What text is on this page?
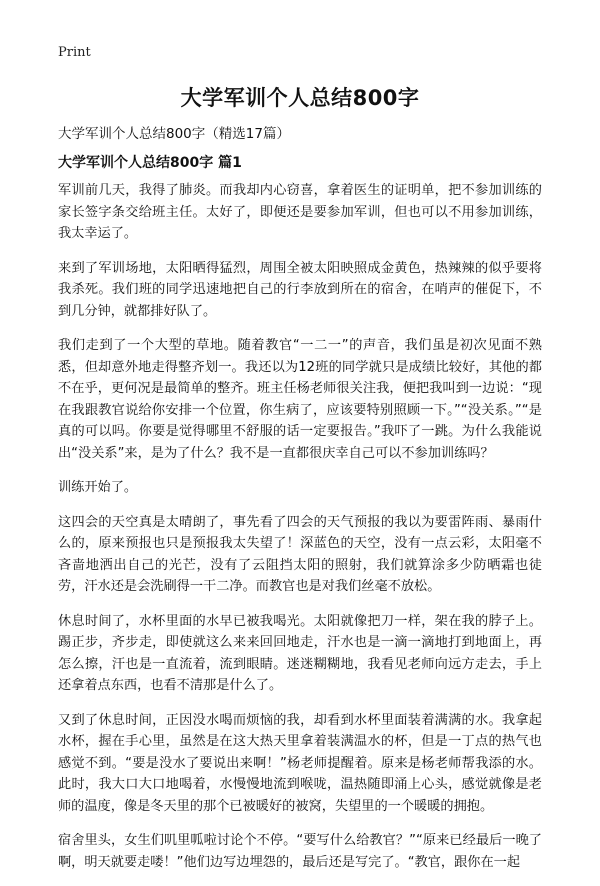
Print
大学军训个人总结800字
大学军训个人总结800字（精选17篇）
大学军训个人总结800字 篇1

军训前几天，我得了肺炎。而我却内心窃喜，拿着医生的证明单，把不参加训练的家长签字条交给班主任。太好了，即便还是要参加军训，但也可以不用参加训练，我太幸运了。

来到了军训场地，太阳晒得猛烈，周围全被太阳映照成金黄色，热辣辣的似乎要将我杀死。我们班的同学迅速地把自己的行李放到所在的宿舍，在哨声的催促下，不到几分钟，就都排好队了。

我们走到了一个大型的草地。随着教官“一二一”的声音，我们虽是初次见面不熟悉，但却意外地走得整齐划一。我还以为12班的同学就只是成绩比较好，其他的都不在乎，更何况是最简单的整齐。班主任杨老师很关注我，便把我叫到一边说：“现在我跟教官说给你安排一个位置，你生病了，应该要特别照顾一下。”“没关系。”“是真的可以吗。你要是觉得哪里不舒服的话一定要报告。”我吓了一跳。为什么我能说出“没关系”来，是为了什么？我不是一直都很庆幸自己可以不参加训练吗？

训练开始了。

这四会的天空真是太晴朗了，事先看了四会的天气预报的我以为要雷阵雨、暴雨什么的，原来预报也只是预报我太失望了！深蓝色的天空，没有一点云彩，太阳毫不吝啬地洒出自己的光芒，没有了云阻挡太阳的照射，我们就算涂多少防晒霜也徒劳，汗水还是会洗刷得一干二净。而教官也是对我们丝毫不放松。

休息时间了，水杯里面的水早已被我喝光。太阳就像把刀一样，架在我的脖子上。踢正步，齐步走，即使就这么来来回回地走，汗水也是一滴一滴地打到地面上，再怎么擦，汗也是一直流着，流到眼睛。迷迷糊糊地，我看见老师向远方走去，手上还拿着点东西，也看不清那是什么了。

又到了休息时间，正因没水喝而烦恼的我，却看到水杯里面装着满满的水。我拿起水杯，握在手心里，虽然是在这大热天里拿着装满温水的杯，但是一丁点的热气也感觉不到。“要是没水了要说出来啊！”杨老师提醒着。原来是杨老师帮我添的水。此时，我大口大口地喝着，水慢慢地流到喉咙，温热随即涌上心头，感觉就像是老师的温度，像是冬天里的那个已被暖好的被窝，失望里的一个暖暖的拥抱。

宿舍里头，女生们叽里呱啦讨论个不停。“要写什么给教官？”“原来已经最后一晚了啊，明天就要走喽！”他们边写边埋怨的，最后还是写完了。“教官，跟你在一起
